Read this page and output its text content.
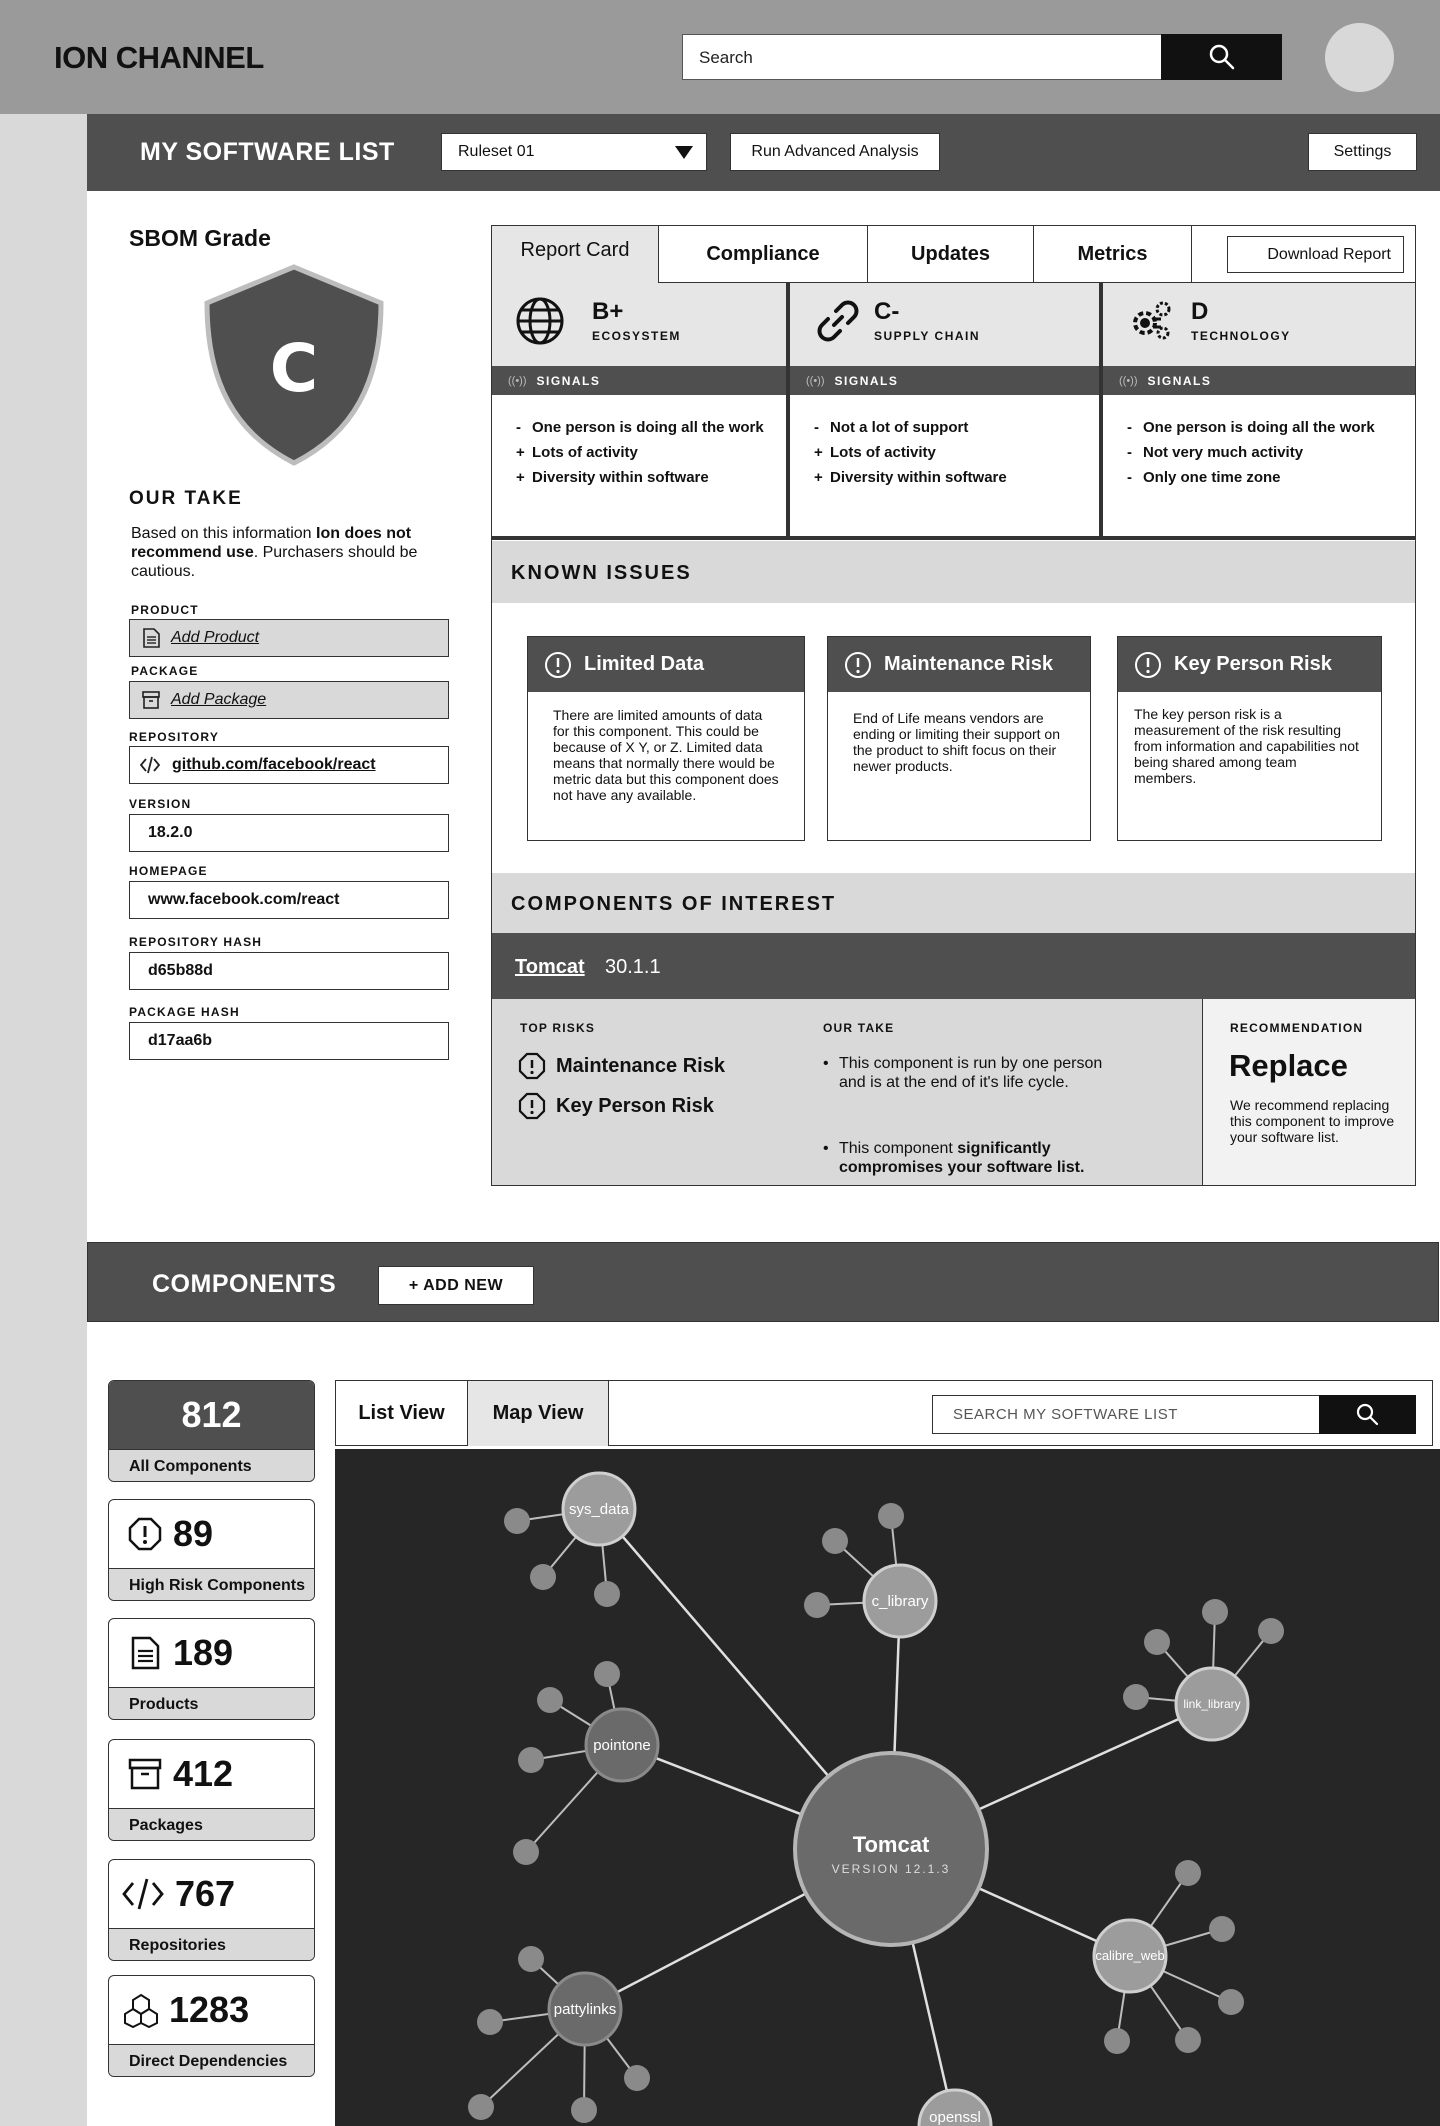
ION CHANNEL	Search
MY SOFTWARE LIST	Ruleset 01	Run Advanced Analysis	Settings
SBOM Grade
C
OUR TAKE
Based on this information Ion does not recommend use. Purchasers should be cautious.
PRODUCT
Add Product
PACKAGE
Add Package
REPOSITORY
github.com/facebook/react
VERSION
18.2.0
HOMEPAGE
www.facebook.com/react
REPOSITORY HASH
d65b88d
PACKAGE HASH
d17aa6b
Report Card	Compliance	Updates	Metrics	Download Report
B+
ECOSYSTEM
((•)) SIGNALS
- One person is doing all the work
+ Lots of activity
+ Diversity within software
C-
SUPPLY CHAIN
((•)) SIGNALS
- Not a lot of support
+ Lots of activity
+ Diversity within software
D
TECHNOLOGY
((•)) SIGNALS
- One person is doing all the work
- Not very much activity
- Only one time zone
KNOWN ISSUES
Limited Data
There are limited amounts of data for this component. This could be because of X Y, or Z. Limited data means that normally there would be metric data but this component does not have any available.
Maintenance Risk
End of Life means vendors are ending or limiting their support on the product to shift focus on their newer products.
Key Person Risk
The key person risk is a measurement of the risk resulting from information and capabilities not being shared among team members.
COMPONENTS OF INTEREST
Tomcat 30.1.1
TOP RISKS
Maintenance Risk
Key Person Risk
OUR TAKE
• This component is run by one person and is at the end of it's life cycle.
• This component significantly compromises your software list.
RECOMMENDATION
Replace
We recommend replacing this component to improve your software list.
COMPONENTS	+ ADD NEW
812
All Components
89
High Risk Components
189
Products
412
Packages
767
Repositories
1283
Direct Dependencies
List View	Map View	SEARCH MY SOFTWARE LIST
sys_data
c_library
link_library
pointone
calibre_web
pattylinks
openssl
Tomcat
VERSION 12.1.3
